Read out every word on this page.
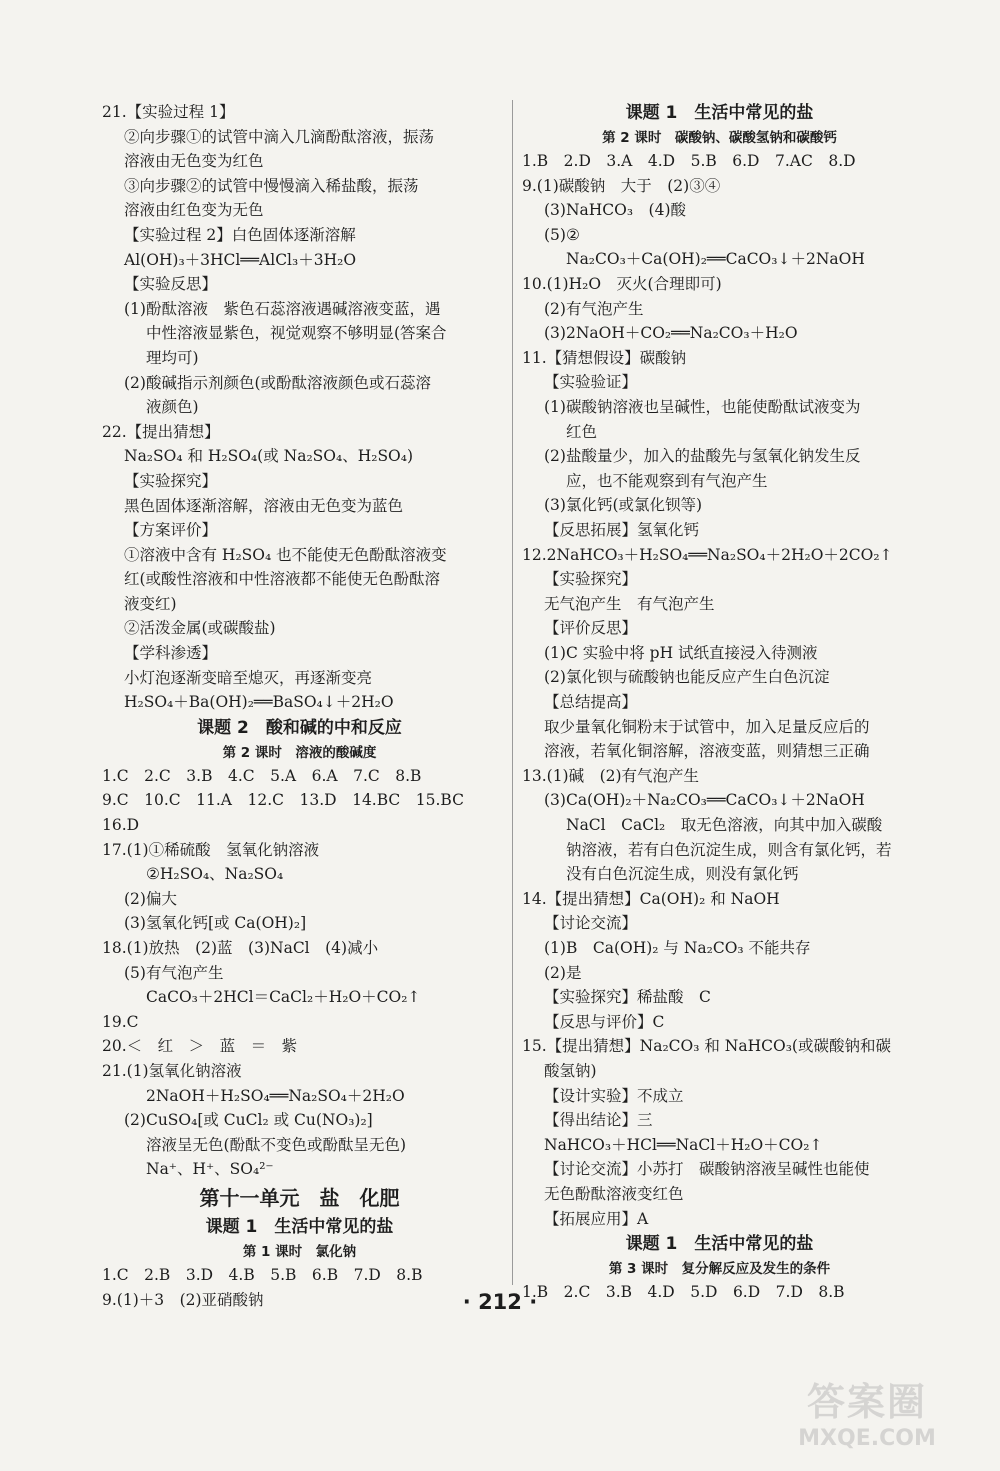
21.【实验过程 1】
②向步骤①的试管中滴入几滴酚酞溶液，振荡
溶液由无色变为红色
③向步骤②的试管中慢慢滴入稀盐酸，振荡
溶液由红色变为无色
【实验过程 2】白色固体逐渐溶解
Al(OH)₃＋3HCl══AlCl₃＋3H₂O
【实验反思】
(1)酚酞溶液　紫色石蕊溶液遇碱溶液变蓝，遇
中性溶液显紫色，视觉观察不够明显(答案合
理均可)
(2)酸碱指示剂颜色(或酚酞溶液颜色或石蕊溶
液颜色)
22.【提出猜想】
Na₂SO₄ 和 H₂SO₄(或 Na₂SO₄、H₂SO₄)
【实验探究】
黑色固体逐渐溶解，溶液由无色变为蓝色
【方案评价】
①溶液中含有 H₂SO₄ 也不能使无色酚酞溶液变
红(或酸性溶液和中性溶液都不能使无色酚酞溶
液变红)
②活泼金属(或碳酸盐)
【学科渗透】
小灯泡逐渐变暗至熄灭，再逐渐变亮
H₂SO₄＋Ba(OH)₂══BaSO₄↓＋2H₂O
课题 2　酸和碱的中和反应
第 2 课时　溶液的酸碱度
1.C　2.C　3.B　4.C　5.A　6.A　7.C　8.B
9.C　10.C　11.A　12.C　13.D　14.BC　15.BC
16.D
17.(1)①稀硫酸　氢氧化钠溶液
②H₂SO₄、Na₂SO₄
(2)偏大
(3)氢氧化钙[或 Ca(OH)₂]
18.(1)放热　(2)蓝　(3)NaCl　(4)减小
(5)有气泡产生
CaCO₃＋2HCl＝CaCl₂＋H₂O＋CO₂↑
19.C
20.＜　红　＞　蓝　＝　紫
21.(1)氢氧化钠溶液
2NaOH＋H₂SO₄══Na₂SO₄＋2H₂O
(2)CuSO₄[或 CuCl₂ 或 Cu(NO₃)₂]
溶液呈无色(酚酞不变色或酚酞呈无色)
Na⁺、H⁺、SO₄²⁻
第十一单元　盐　化肥
课题 1　生活中常见的盐
第 1 课时　氯化钠
1.C　2.B　3.D　4.B　5.B　6.B　7.D　8.B
9.(1)＋3　(2)亚硝酸钠
课题 1　生活中常见的盐
第 2 课时　碳酸钠、碳酸氢钠和碳酸钙
1.B　2.D　3.A　4.D　5.B　6.D　7.AC　8.D
9.(1)碳酸钠　大于　(2)③④
(3)NaHCO₃　(4)酸
(5)②
Na₂CO₃＋Ca(OH)₂══CaCO₃↓＋2NaOH
10.(1)H₂O　灭火(合理即可)
(2)有气泡产生
(3)2NaOH＋CO₂══Na₂CO₃＋H₂O
11.【猜想假设】碳酸钠
【实验验证】
(1)碳酸钠溶液也呈碱性，也能使酚酞试液变为
红色
(2)盐酸量少，加入的盐酸先与氢氧化钠发生反
应，也不能观察到有气泡产生
(3)氯化钙(或氯化钡等)
【反思拓展】氢氧化钙
12.2NaHCO₃＋H₂SO₄══Na₂SO₄＋2H₂O＋2CO₂↑
【实验探究】
无气泡产生　有气泡产生
【评价反思】
(1)C 实验中将 pH 试纸直接浸入待测液
(2)氯化钡与硫酸钠也能反应产生白色沉淀
【总结提高】
取少量氧化铜粉末于试管中，加入足量反应后的
溶液，若氧化铜溶解，溶液变蓝，则猜想三正确
13.(1)碱　(2)有气泡产生
(3)Ca(OH)₂＋Na₂CO₃══CaCO₃↓＋2NaOH
NaCl　CaCl₂　取无色溶液，向其中加入碳酸
钠溶液，若有白色沉淀生成，则含有氯化钙，若
没有白色沉淀生成，则没有氯化钙
14.【提出猜想】Ca(OH)₂ 和 NaOH
【讨论交流】
(1)B　Ca(OH)₂ 与 Na₂CO₃ 不能共存
(2)是
【实验探究】稀盐酸　C
【反思与评价】C
15.【提出猜想】Na₂CO₃ 和 NaHCO₃(或碳酸钠和碳
酸氢钠)
【设计实验】不成立
【得出结论】三
NaHCO₃＋HCl══NaCl＋H₂O＋CO₂↑
【讨论交流】小苏打　碳酸钠溶液呈碱性也能使
无色酚酞溶液变红色
【拓展应用】A
课题 1　生活中常见的盐
第 3 课时　复分解反应及发生的条件
1.B　2.C　3.B　4.D　5.D　6.D　7.D　8.B
· 212 ·
答案圈
MXQE.COM
